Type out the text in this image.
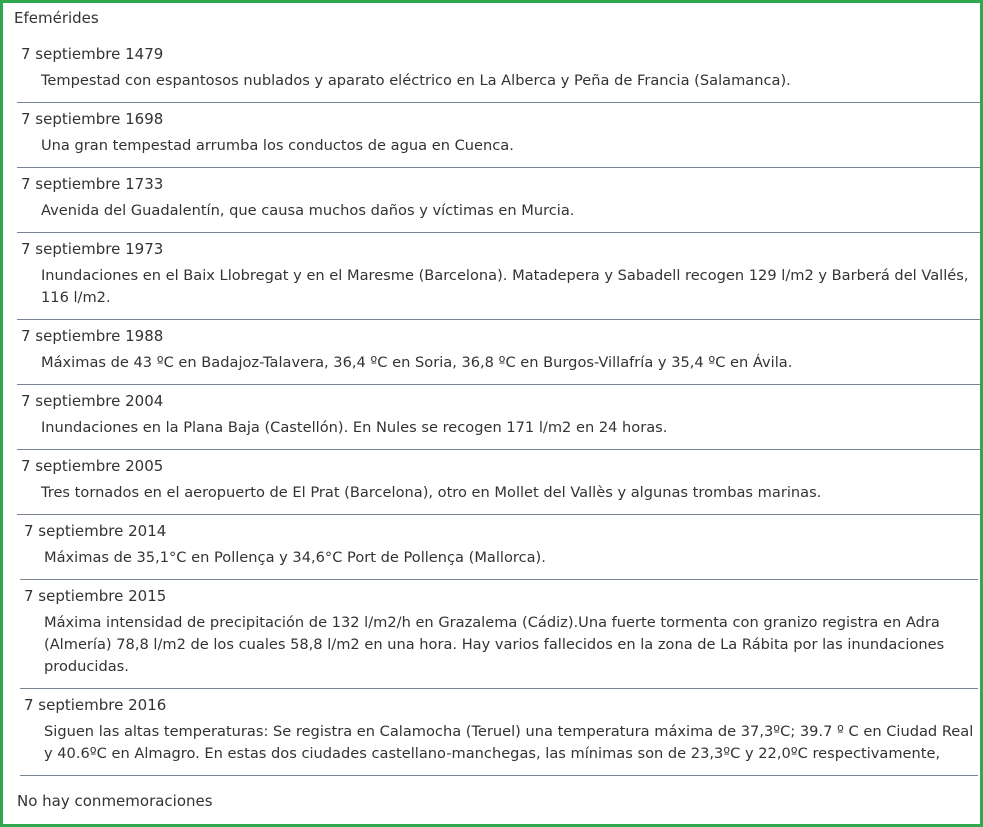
Efemérides
7 septiembre 1479
Tempestad con espantosos nublados y aparato eléctrico en La Alberca y Peña de Francia (Salamanca).
7 septiembre 1698
Una gran tempestad arrumba los conductos de agua en Cuenca.
7 septiembre 1733
Avenida del Guadalentín, que causa muchos daños y víctimas en Murcia.
7 septiembre 1973
Inundaciones en el Baix Llobregat y en el Maresme (Barcelona). Matadepera y Sabadell recogen 129 l/m2 y Barberá del Vallés, 116 l/m2.
7 septiembre 1988
Máximas de 43 ºC en Badajoz-Talavera, 36,4 ºC en Soria, 36,8 ºC en Burgos-Villafría y 35,4 ºC en Ávila.
7 septiembre 2004
Inundaciones en la Plana Baja (Castellón). En Nules se recogen 171 l/m2 en 24 horas.
7 septiembre 2005
Tres tornados en el aeropuerto de El Prat (Barcelona), otro en Mollet del Vallès y algunas trombas marinas.
7 septiembre 2014
Máximas de 35,1°C en Pollença y 34,6°C Port de Pollença (Mallorca).
7 septiembre 2015
Máxima intensidad de precipitación de 132 l/m2/h en Grazalema (Cádiz).Una fuerte tormenta con granizo registra en Adra (Almería) 78,8 l/m2 de los cuales 58,8 l/m2 en una hora. Hay varios fallecidos en la zona de La Rábita por las inundaciones producidas.
7 septiembre 2016
Siguen las altas temperaturas: Se registra en Calamocha (Teruel) una temperatura máxima de 37,3ºC; 39.7 º C en Ciudad Real y 40.6ºC en Almagro. En estas dos ciudades castellano-manchegas, las mínimas son de 23,3ºC y 22,0ºC respectivamente,
No hay conmemoraciones
